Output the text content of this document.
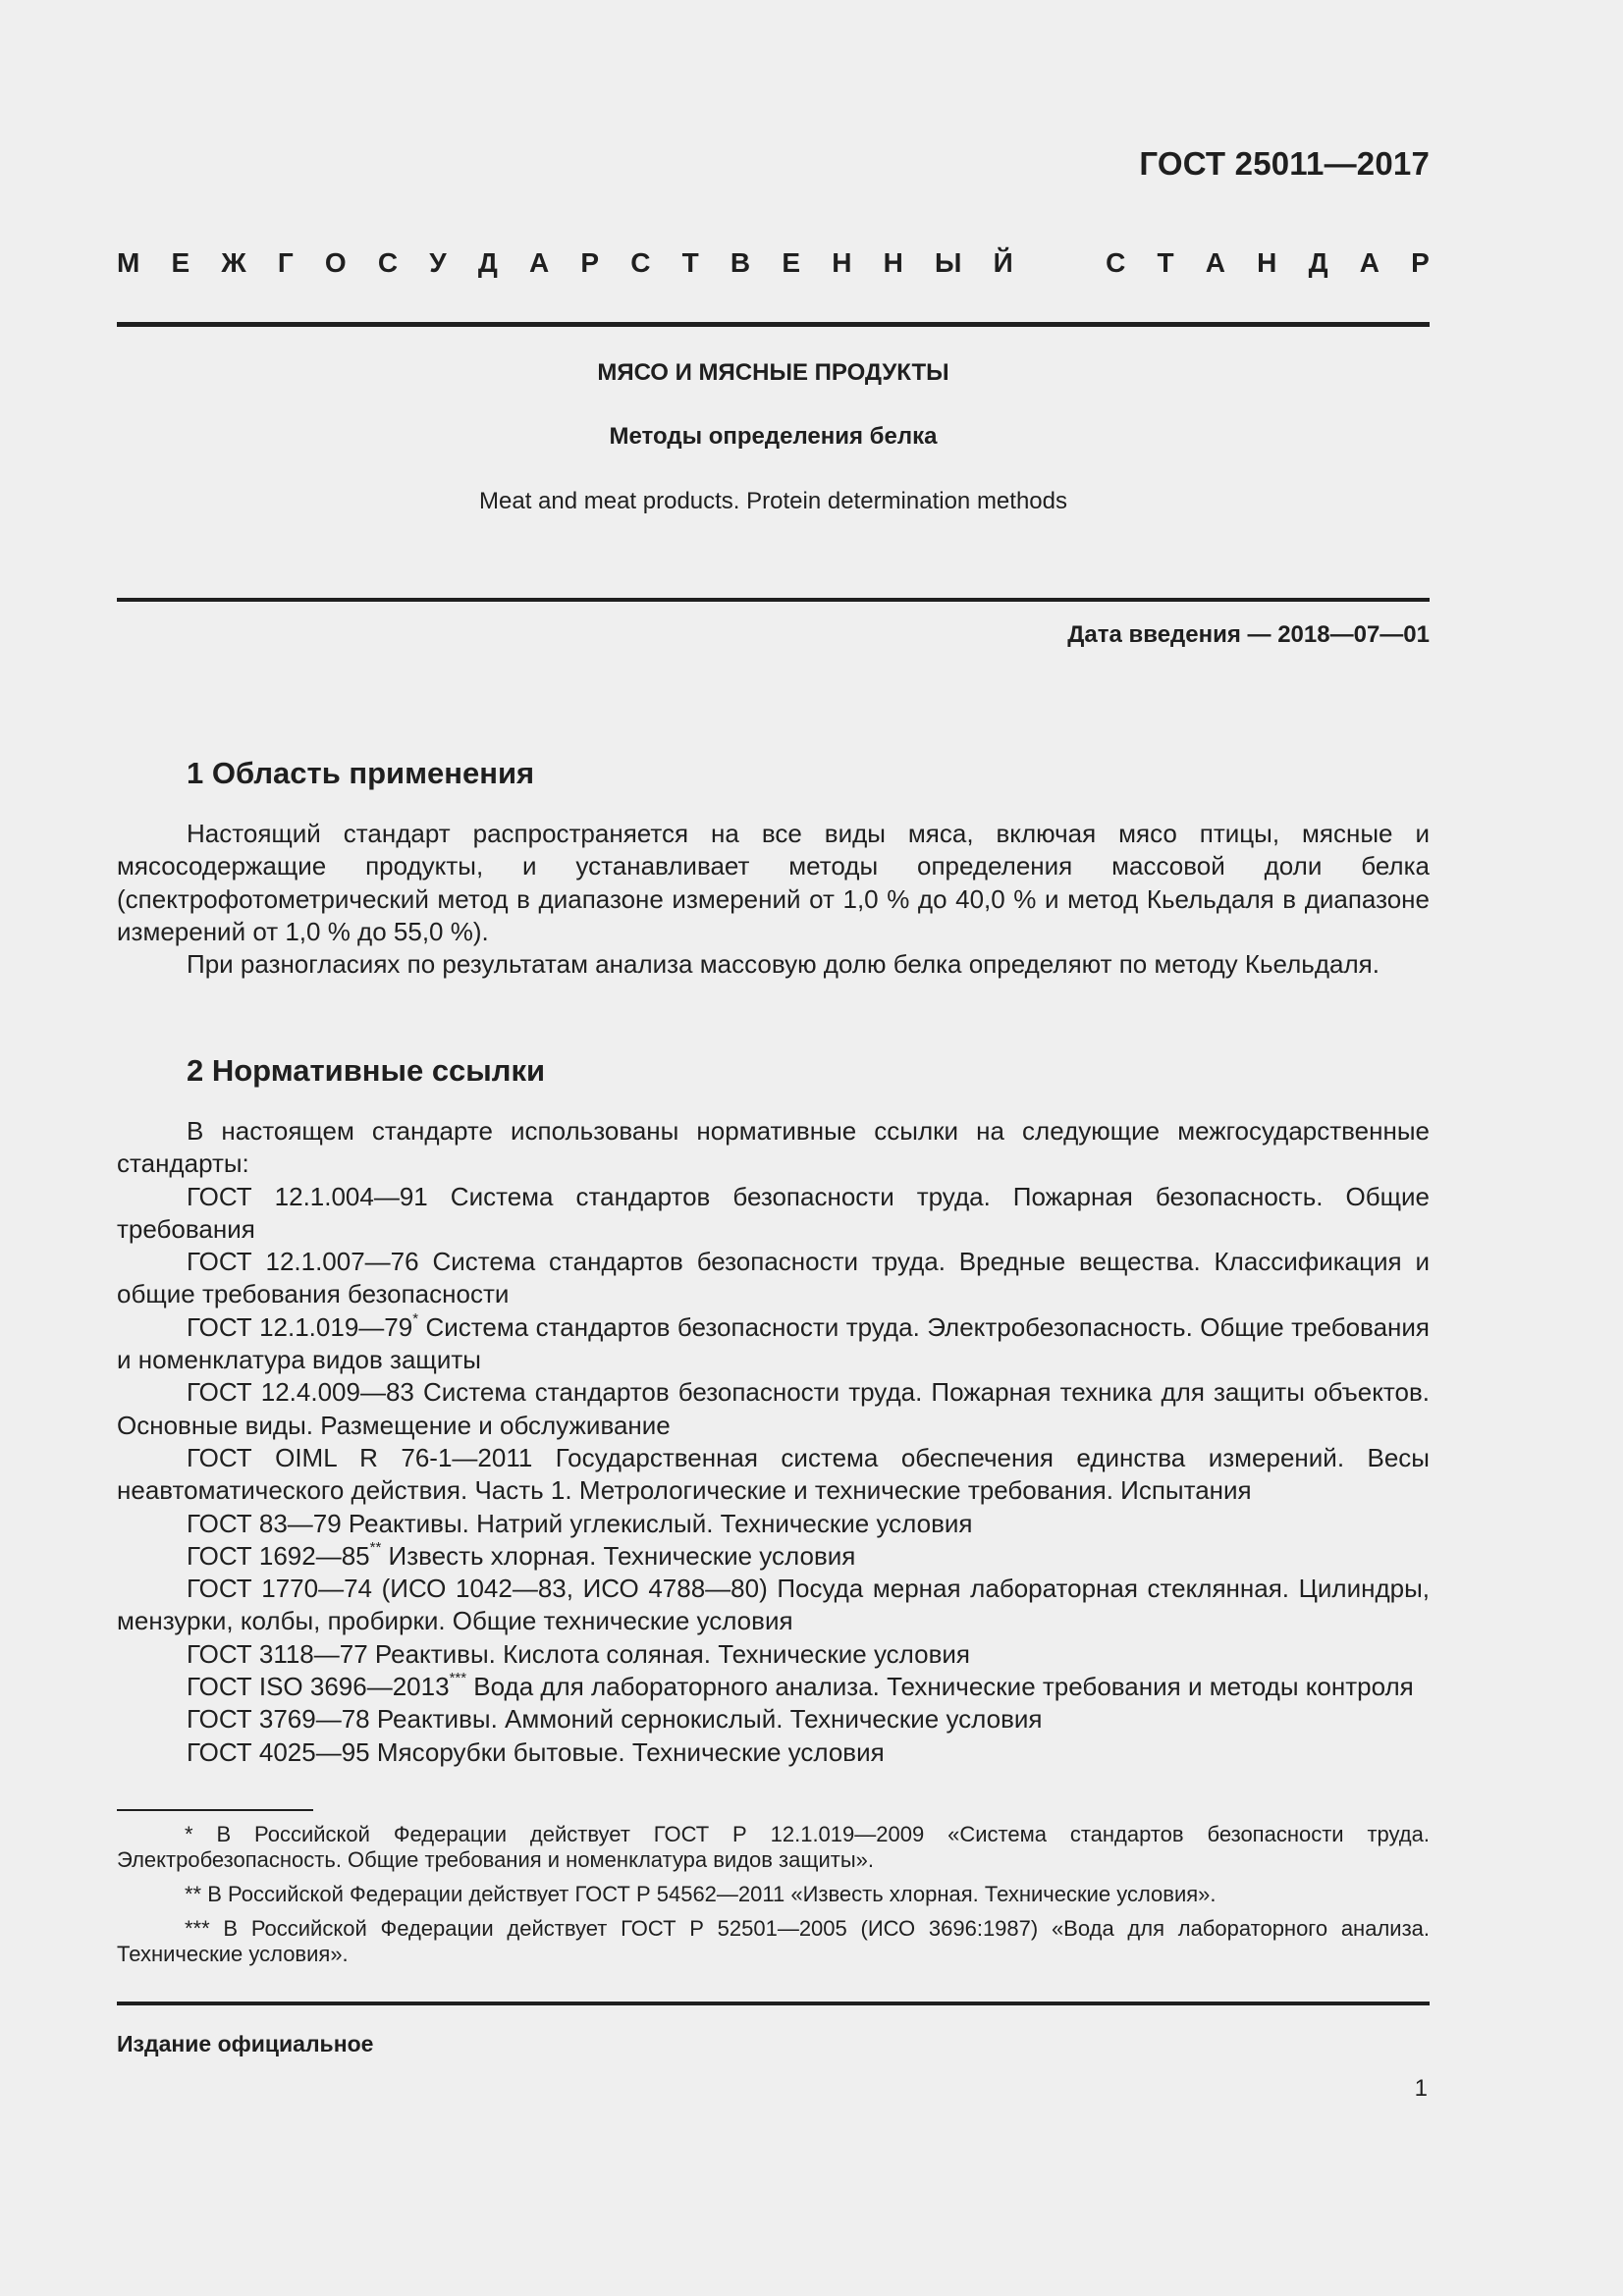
ГОСТ 25011—2017
М Е Ж Г О С У Д А Р С Т В Е Н Н Ы Й	С Т А Н Д А Р
МЯСО И МЯСНЫЕ ПРОДУКТЫ
Методы определения белка
Meat and meat products. Protein determination methods
Дата введения — 2018—07—01
1 Область применения

Настоящий стандарт распространяется на все виды мяса, включая мясо птицы, мясные и мясосодержащие продукты, и устанавливает методы определения массовой доли белка (спектрофотометрический метод в диапазоне измерений от 1,0 % до 40,0 % и метод Кьельдаля в диапазоне измерений от 1,0 % до 55,0 %).

При разногласиях по результатам анализа массовую долю белка определяют по методу Кьельдаля.

2 Нормативные ссылки

В настоящем стандарте использованы нормативные ссылки на следующие межгосударственные стандарты:

ГОСТ 12.1.004—91 Система стандартов безопасности труда. Пожарная безопасность. Общие требования

ГОСТ 12.1.007—76 Система стандартов безопасности труда. Вредные вещества. Классификация и общие требования безопасности

ГОСТ 12.1.019—79* Система стандартов безопасности труда. Электробезопасность. Общие требования и номенклатура видов защиты

ГОСТ 12.4.009—83 Система стандартов безопасности труда. Пожарная техника для защиты объектов. Основные виды. Размещение и обслуживание

ГОСТ OIML R 76-1—2011 Государственная система обеспечения единства измерений. Весы неавтоматического действия. Часть 1. Метрологические и технические требования. Испытания

ГОСТ 83—79 Реактивы. Натрий углекислый. Технические условия

ГОСТ 1692—85** Известь хлорная. Технические условия

ГОСТ 1770—74 (ИСО 1042—83, ИСО 4788—80) Посуда мерная лабораторная стеклянная. Цилиндры, мензурки, колбы, пробирки. Общие технические условия

ГОСТ 3118—77 Реактивы. Кислота соляная. Технические условия

ГОСТ ISO 3696—2013*** Вода для лабораторного анализа. Технические требования и методы контроля

ГОСТ 3769—78 Реактивы. Аммоний сернокислый. Технические условия

ГОСТ 4025—95 Мясорубки бытовые. Технические условия

* В Российской Федерации действует ГОСТ Р 12.1.019—2009 «Система стандартов безопасности труда. Электробезопасность. Общие требования и номенклатура видов защиты».

** В Российской Федерации действует ГОСТ Р 54562—2011 «Известь хлорная. Технические условия».

*** В Российской Федерации действует ГОСТ Р 52501—2005 (ИСО 3696:1987) «Вода для лабораторного анализа. Технические условия».

Издание официальное
1
